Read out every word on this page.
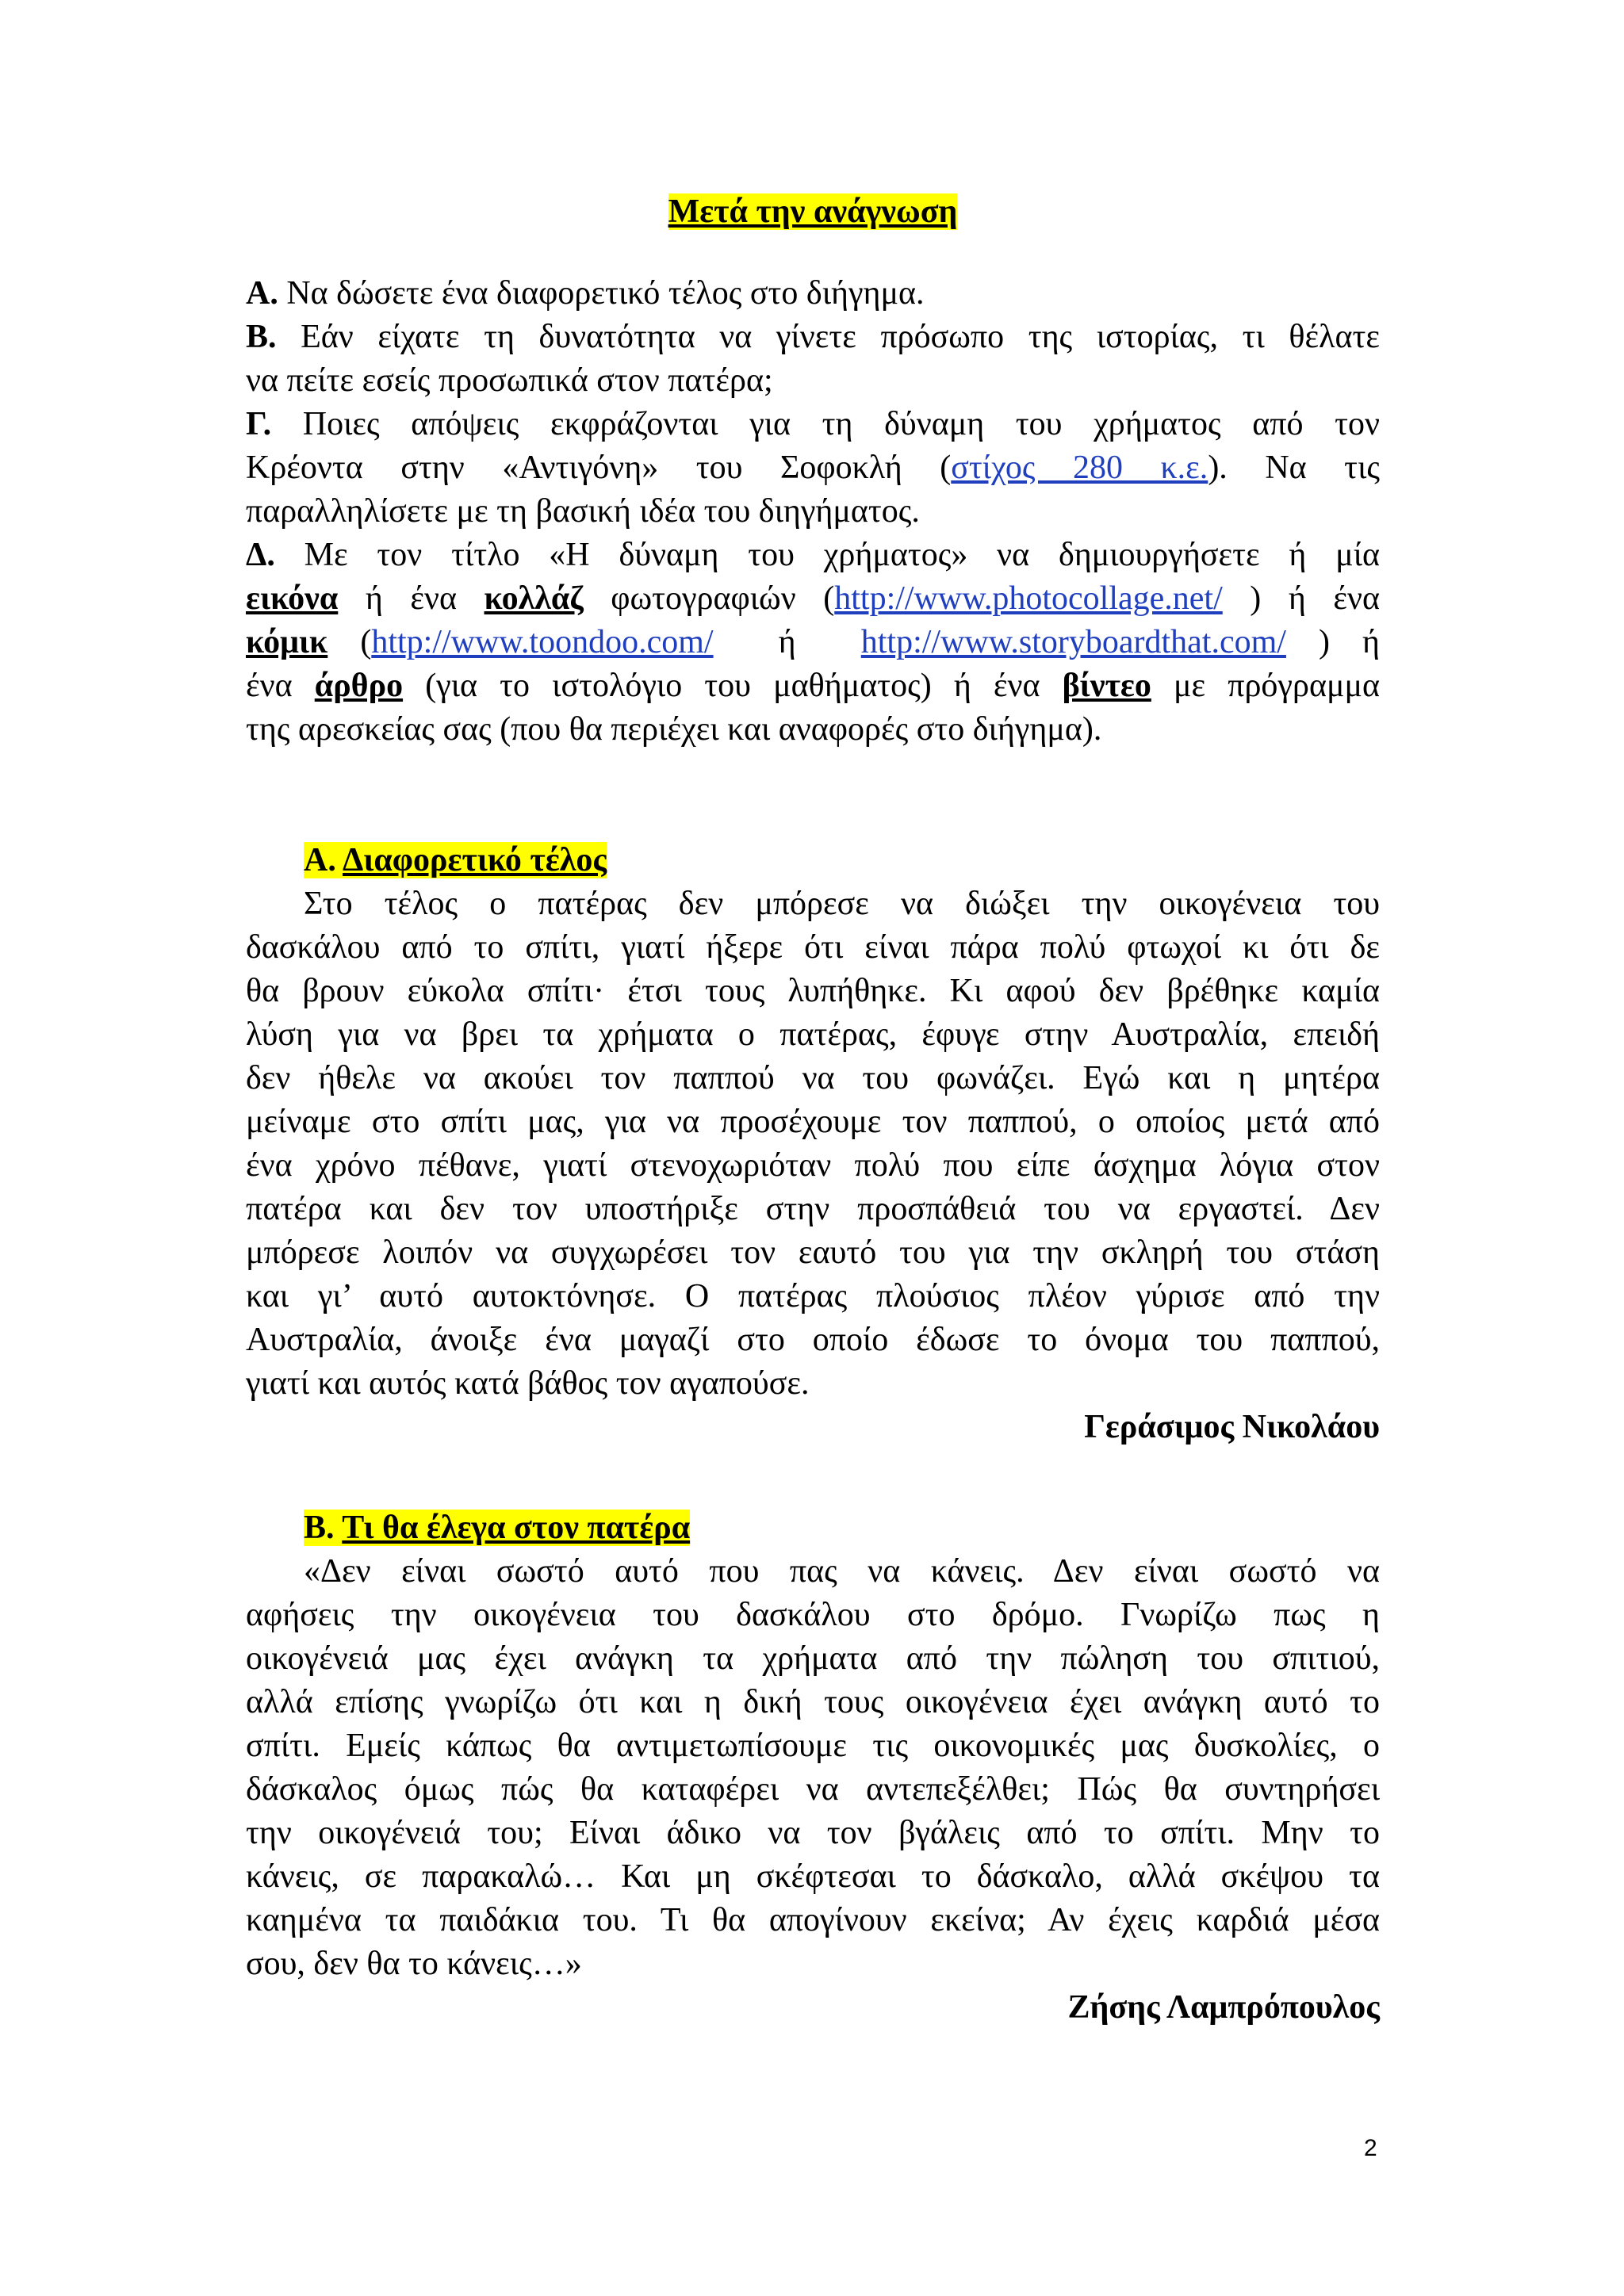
Μετά την ανάγνωση
Α. Να δώσετε ένα διαφορετικό τέλος στο διήγημα.
Β. Εάν είχατε τη δυνατότητα να γίνετε πρόσωπο της ιστορίας, τι θέλατε
να πείτε εσείς προσωπικά στον πατέρα;
Γ. Ποιες απόψεις εκφράζονται για τη δύναμη του χρήματος από τον
Κρέοντα στην «Αντιγόνη» του Σοφοκλή (στίχος 280 κ.ε.). Να τις
παραλληλίσετε με τη βασική ιδέα του διηγήματος.
Δ. Με τον τίτλο «Η δύναμη του χρήματος» να δημιουργήσετε ή μία
εικόνα ή ένα κολλάζ φωτογραφιών (http://www.photocollage.net/ ) ή ένα
κόμικ (http://www.toondoo.com/  ή  http://www.storyboardthat.com/ ) ή
ένα άρθρο (για το ιστολόγιο του μαθήματος) ή ένα βίντεο με πρόγραμμα
της αρεσκείας σας (που θα περιέχει και αναφορές στο διήγημα).
Α. Διαφορετικό τέλος
Στο τέλος ο πατέρας δεν μπόρεσε να διώξει την οικογένεια του
δασκάλου από το σπίτι, γιατί ήξερε ότι είναι πάρα πολύ φτωχοί κι ότι δε
θα βρουν εύκολα σπίτι· έτσι τους λυπήθηκε. Κι αφού δεν βρέθηκε καμία
λύση για να βρει τα χρήματα ο πατέρας, έφυγε στην Αυστραλία, επειδή
δεν ήθελε να ακούει τον παππού να του φωνάζει. Εγώ και η μητέρα
μείναμε στο σπίτι μας, για να προσέχουμε τον παππού, ο οποίος μετά από
ένα χρόνο πέθανε, γιατί στενοχωριόταν πολύ που είπε άσχημα λόγια στον
πατέρα και δεν τον υποστήριξε στην προσπάθειά του να εργαστεί. Δεν
μπόρεσε λοιπόν να συγχωρέσει τον εαυτό του για την σκληρή του στάση
και γι’ αυτό αυτοκτόνησε. Ο πατέρας πλούσιος πλέον γύρισε από την
Αυστραλία, άνοιξε ένα μαγαζί στο οποίο έδωσε το όνομα του παππού,
γιατί και αυτός κατά βάθος τον αγαπούσε.
Γεράσιμος Νικολάου
Β. Τι θα έλεγα στον πατέρα
«Δεν είναι σωστό αυτό που πας να κάνεις. Δεν είναι σωστό να
αφήσεις την οικογένεια του δασκάλου στο δρόμο. Γνωρίζω πως η
οικογένειά μας έχει ανάγκη τα χρήματα από την πώληση του σπιτιού,
αλλά επίσης γνωρίζω ότι και η δική τους οικογένεια έχει ανάγκη αυτό το
σπίτι. Εμείς κάπως θα αντιμετωπίσουμε τις οικονομικές μας δυσκολίες, ο
δάσκαλος όμως πώς θα καταφέρει να αντεπεξέλθει; Πώς θα συντηρήσει
την οικογένειά του; Είναι άδικο να τον βγάλεις από το σπίτι. Μην το
κάνεις, σε παρακαλώ… Και μη σκέφτεσαι το δάσκαλο, αλλά σκέψου τα
καημένα τα παιδάκια του. Τι θα απογίνουν εκείνα; Αν έχεις καρδιά μέσα
σου, δεν θα το κάνεις…»
Ζήσης Λαμπρόπουλος
2
